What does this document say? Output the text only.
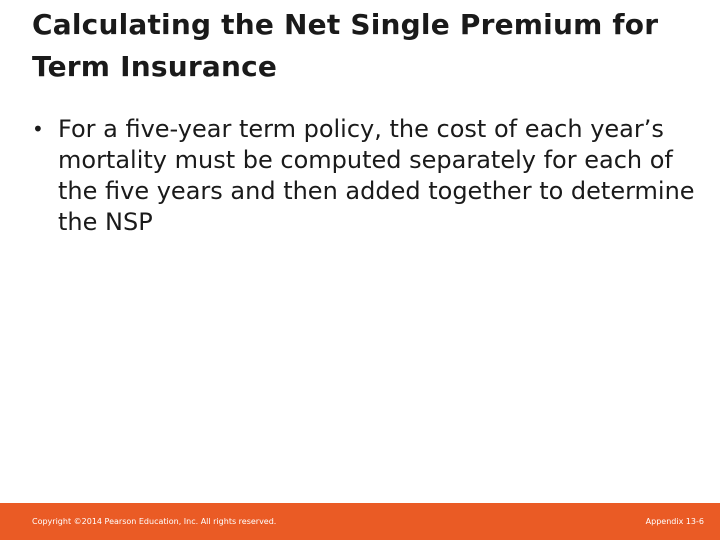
Calculating the Net Single Premium for Term Insurance
• For a five-year term policy, the cost of each year’s mortality must be computed separately for each of the five years and then added together to determine the NSP
Copyright ©2014 Pearson Education, Inc. All rights reserved.	Appendix 13-6
